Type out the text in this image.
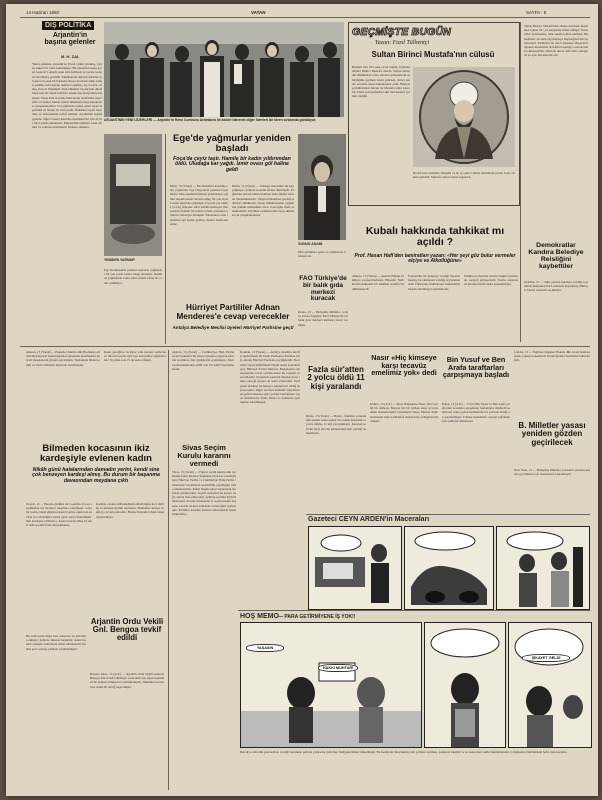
14 Haziran 1960	VATAN	SAYFA : 5
DIŞ POLİTİKA
Arjantin'in başına gelenler
M. H. ZAL
Yakın zamanda Arjantin'de Peron rejimi yıkılmış, yerine askeri bir idare kurulmuştu. Bu idarenin başına geçen General Lonardi uzun süre kalmadı ve yerine General Aramburu getirildi. Memleketin iktisadi durumu son derece bozuk bir haldedir. Peron devrinde takip edilen politika neticesinde hazine boşalmış, dış borçlar artmış, ihracat düşmüştü. Yeni hükümet bu durumu düzeltmek için bir takım tedbirler almak mecburiyetinde kalmıştır. Fakat halk arasında hâlâ Peron taraftarları mevcuttur ve bunlar zaman zaman hükümete karşı hareketlere girişmektedirler. Son günlerde vukua gelen isyan teşebbüsü de bunun bir neticesidir. Hükümet isyanı bastırmış ve elebaşılarını tevkif etmiştir. Arjantin'in başına gelenler diğer Cenubi Amerika memleketleri için de bir ibret teşkil etmektedir. Diktatörlük rejimleri uzun sürmez ve sonunda memleketi felakete sürükler.
ARJANTİNİN YENİ LİDERLERİ — Arjantin'in Reisi Cumhuru Aramburu ile askeri idarenin diğer liderleri bir tören sırasında görülüyor.
YENİDEN YAĞMUR
Ege mıntıkasında yeniden başlayan yağmurlar bir çok yerde zarara sebep olmuştur. Resimde yağmurdan sonra sular altında kalan bir cadde görülüyor.
Ege'de yağmurlar yeniden başladı
Foça'da çeyiz taştı. Hamile bir kadın yıldırımdan öldü. Uludağa kar yağdı. İzmir ovası göl haline geldi
İzmir, 13 (Vatan) — Bir müddettir kesilmiş olan yağmurlar Ege bölgesinde yeniden başlamıştır. Dün sabahtan itibaren şiddetlenen yağmur akşama kadar devam etmiş, bir çok ilçede seller meydana gelmiştir. Foça'da çay taşmış ve bağ bahçeler sular altında kalmıştır. Bergama'da hamile bir kadın tarlada çalışırken yıldırım isabetiyle ölmüştür. Menemen ovası tamamen göl haline gelmiş, ekinler mahvolmuştur.
Bursa, 13 (Vatan) — Uludağa mevsimin ilk karı yağmıştır. Şehirde sıcaklık birden düşmüştür. Yağmurun devam etmesi halinde daha büyük zararlar beklenmektedir. Vilayet makamları gerekli tedbirleri almaktadır. Ziraat mütehassısları yağmurun pamuk mahsulüne zarar vereceğini ifade etmektedirler. Köylüler tarlalarındaki suyu akıtmak için çalışmaktadırlar.
GÜNÜN ADAMI
Dün şehrimize gelen ve tetkiklerde bulunan zat.
FAO Türkiye'de bir balık gıda merkezi kuracak
Roma, 13 — Birleşmiş Milletler Gıda ve Ziraat Teşkilatı FAO Türkiye'de bir balık gıda merkezi kurmaya karar vermiştir.
Hürriyet Partililer Adnan Menderes'e cevap verecekler
Antalya Belediye Meclisi üyeleri Hürriyet Partisine geçti
GEÇMİŞTE BUGÜN
Yazan: Fazıl Tülbentçi
Sultan Birinci Mustafa'nın cülusü
Bundan tam 343 sene evvel bugün, Osmanlı tahtına Birinci Mustafa oturdu. Sultan Ahmedin ölümünden sonra saltanat şehzadelerin en büyüğüne geçmek lazım gelirken, devlet erkanı arasında uzun münakaşalar oldu. Nihayet şeyhülislamın fetvası ile Mustafa tahta çıkarıldı. Fakat yeni padişahın akli muvazenesi yerinde değildi.
Bu hal kısa zamanda anlaşıldı ve üç ay sonra tahttan indirilerek yerine Genç Osman getirildi. Mustafa tekrar kafese kapatıldı.
Kubalı hakkında tahkikat mı açıldı ?
Prof. Hasan Hafi'den tamiratları yazan: «Her şeyi göz bulur vermeler elçiye ve Alkollüğüne»
Ankara, 13 (Vatan) — Ankara Hukuk Fakültesi profesörlerinden Hüseyin Naili Kubalı hakkında bir tahkikat açıldığı bildirilmektedir.
Profesörün bir gazeteye verdiği beyanat üzerine bu tahkikatın açıldığı söylenmektedir. Üniversite muhtariyeti bakımından mesele ehemmiyet taşımaktadır.
Fakülte profesörler kurulu bugün toplanarak vaziyeti görüşecektir. Talebe arasında da mesele büyük alaka uyandırmıştır.
Sultan Birinci Mustafa'nın cülusu devrinde memleket içinde bir çok karışıklık zuhur etmişti. Yeniçeriler ayaklanmış, halk sıkıntı içinde kalmıştı. Bu hadiseler devletin zayıflamaya başladığının ilk işaretleriydi. Tarihçiler bu devri Osmanlı imparatorluğunun duraklama devrinin başlangıcı olarak kabul etmektedirler. Mustafa ikinci defa tahta çıktığında da aynı hal tekerrür etti.
Demokratlar Kandıra Belediye Reisliğini kaybettiler
Kandıra, 13 — Dün yapılan belediye reisliği seçiminde Demokrat Parti namzedi kaybetmiş, Hürriyet Partisi namzedi seçilmiştir.
Ankara, 13 (Vatan) — Bakanlar Kurulu dün Başbakan Adnan Menderes'in başkanlığında toplanarak memleketin iktisadi meselelerini gözden geçirmiştir. Toplantıda ithalat rejimi ve döviz tahsisleri üzerinde durulmuştur.
Karar gereğince tacirlere yeni kotalar verilecek ve ihracatı teşvik için bazı kolaylıklar sağlanacaktır. Toplantı saat 19 da sona ermiştir.
Bilmeden kocasının ikiz kardeşiyle evlenen kadın
Nikâh günü hatalarından damadın yerini, kendi sine çok benzeyen kardeşi almış. Bu durum bir başanma davasından meydana çıktı
Napoli, 13 — Burada görülen bir boşanma davası alışılmamış bir hadiseyi meydana çıkarmıştır. Genç bir kadın, nikah günü kocasının yerine onun ikiz kardeşi ile evlendiğini ancak aylar sonra farketmiştir. İkiz kardeşler birbirine o kadar benziyormuş ki ailesi dahi aradaki farkı anlayamamış.
Kadının avukatı müvekkilinin aldatıldığını ileri sürmüş ve nikahın iptalini istemiştir. Mahkeme davaya bakmaya devam edecektir. Hadise İtalyada büyük alaka uyandırmıştır.
Arjantin Ordu Vekili Gnl. Bengoa tevkif edildi
Buenos Aires, 13 (A.P.) — Arjantin Ordu Vekili General Bengoa dün tevkif edilmiştir. Generalin son isyan teşebbüsü ile alakası olduğu ileri sürülmektedir. Hükümet bu hususta resmi bir tebliğ neşretmiştir.
Bu arada polis diğer bazı subayları da gözaltına almıştır. Şehirde sükunet hakimdir. Askeri kıtalar stratejik noktalarda nöbet tutmaktadır. Halkın gece sokağa çıkması yasaklanmıştır.
Ankara, 13 (Vatan) — Cumhuriyet Halk Partisi Genel Sekreteri bir basın toplantısı yaparak partinin seçimlere dair görüşlerini açıklamıştır. Parti seçim kanununun tadili için bir teklif hazırlamaktadır.
Sivas Seçim Kurulu kararını vermedi
Sivas, 13 (Vatan) — Vilayet seçim kurulu dün toplanmış fakat itirazlar hakkında bir karar verememiştir. Hürriyet Partisi ve Cumhuriyet Halk Partisi temsilcileri seçimlerde usulsüzlük yapıldığını iddia etmektedirler. Kurul bugün tekrar toplanarak meseleyi görüşecektir. Seçim neticeleri bu karara bağlı olarak ilan edilecektir. Şehirde seçimle ilgili münakaşalar devam etmektedir. İl seçim kurulu başkanı, kararın en kısa zamanda verileceğini söylemiştir. Partililer kurulun kararını sabırsızlıkla beklemektedirler.
İstanbul, 13 (Vatan) — Antalya belediye meclisi üyelerinden bir kısmı Demokrat Partiden istifa ederek Hürriyet Partisine geçmişlerdir. Bu hadise siyasi mahfillerde büyük alaka uyandırmıştır. Hürriyet Partisi liderleri, Başbakanın son beyanatına cevap vermek üzere bir toplantı yapacaklardır. Toplantıda partinin bundan sonra takip edeceği siyaset de tesbit edilecektir. Parti genel merkezi bu hususta yakında bir tebliğ neşredecektir. Diğer taraftan muhtelif vilayetlerden gelen haberlere göre partiye katılanların sayısı artmaktadır. İzmir, Bursa ve Adana'da yeni teşkilat kurulmuştur.
Fazla sür'atten 2 yolcu öldü 11 kişi yaralandı
Bursa, 13 (Vatan) — Bursa - İstanbul yolunda dün akşam vukua gelen bir otobüs kazasında 2 yolcu ölmüş, 11 kişi yaralanmıştır. Kazanın şoförün fazla sür'atle gitmesinden ileri geldiği anlaşılmıştır.
Nasır «Hiç kimseye karşı tecavüz emelimiz yok» dedi
Kahire, 13 (A.P.) — Mısır Başbakanı Nasır, dün verdiği bir demeçte Mısırın hiç bir devlete karşı tecavüz emeli beslemediğini söylemiştir. Nasır, Mısırın silahlanmasının sadece müdafaa maksadı ile olduğunu belirtmiştir.
Bin Yusuf ve Ben Arafa taraftarları çarpışmaya başladı
Rabat, 13 (A.P.) — Fas'ta Bin Yusuf ve Ben Arafa taraftarları arasında çarpışmalar başlamıştır. Muhtelif şehirlerde vukua gelen hadiselerde bir çok kişi ölmüş ve yaralanmıştır. Fransız makamları asayişi sağlamak için tedbirler almaktadır.
Londra, 13 — İngiltere Dışişleri Bakanı dün Avam Kamarasında yaptığı konuşmada Ortadoğudaki durumdan bahsetmiştir.
B. Milletler yasası yeniden gözden geçirilecek
New York, 13 — Birleşmiş Milletler yasasının yeniden gözden geçirilmesi için hazırlıklara başlanmıştır.
Gazeteci CEYN ARDEN'in Maceraları
HOŞ MEMO — PARA GETİRMİYENE İŞ YOK!!
YAŞASIN
HAKKI MUHTARI
ŞİKAYET GELDİ
Belediye reisi dün gazetecilere verdiği beyanatta şehirde yapılacak yeni imar faaliyetlerinden bahsetmiştir. Bu faaliyetler meyanında yeni yolların açılması, parkların tanzimi ve su tesisatının ıslahı bulunmaktadır. Çalışmalara önümüzdeki hafta başlanacaktır.
